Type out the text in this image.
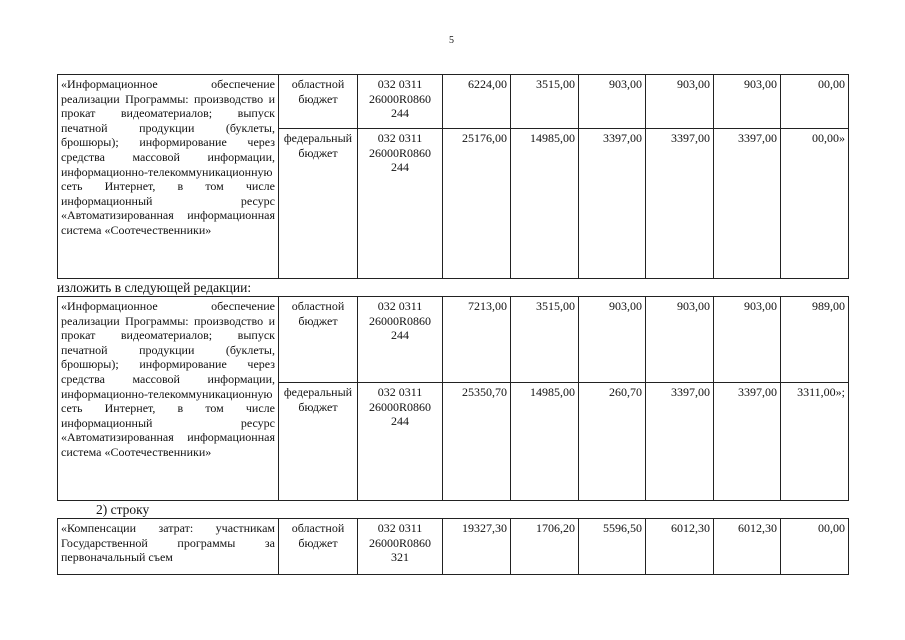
5
«Информационное обеспечение реализации Программы: производство и прокат видеоматериалов; выпуск печатной продукции (буклеты, брошюры); информирование через средства массовой информации, информационно-телекоммуникационную сеть Интернет, в том числе информационный ресурс «Автоматизированная информационная система «Соотечественники»	областной бюджет	032 0311 26000R0860 244	6224,00	3515,00	903,00	903,00	903,00	00,00
	федеральный бюджет	032 0311 26000R0860 244	25176,00	14985,00	3397,00	3397,00	3397,00	00,00»
изложить в следующей редакции:
«Информационное обеспечение реализации Программы: производство и прокат видеоматериалов; выпуск печатной продукции (буклеты, брошюры); информирование через средства массовой информации, информационно-телекоммуникационную сеть Интернет, в том числе информационный ресурс «Автоматизированная информационная система «Соотечественники»	областной бюджет	032 0311 26000R0860 244	7213,00	3515,00	903,00	903,00	903,00	989,00
	федеральный бюджет	032 0311 26000R0860 244	25350,70	14985,00	260,70	3397,00	3397,00	3311,00»;
2) строку
«Компенсации затрат: участникам Государственной программы за первоначальный съем	областной бюджет	032 0311 26000R0860 321	19327,30	1706,20	5596,50	6012,30	6012,30	00,00
